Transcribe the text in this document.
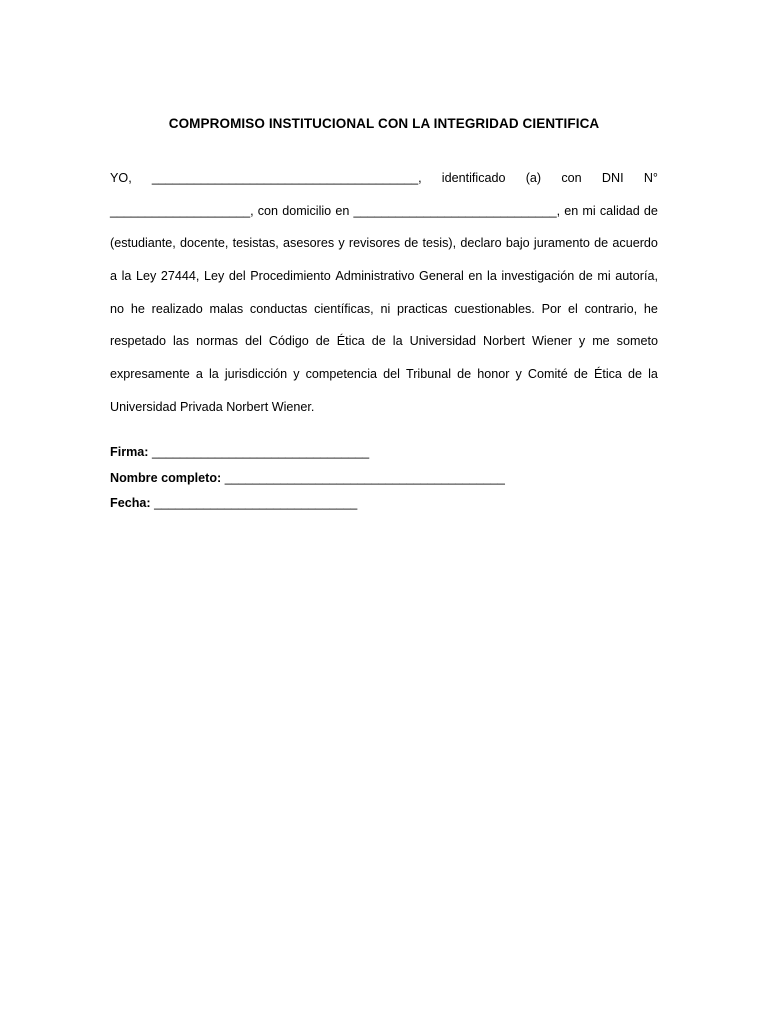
COMPROMISO INSTITUCIONAL CON LA INTEGRIDAD CIENTIFICA
YO, ______________________________________, identificado (a) con DNI N°
____________________, con domicilio en _____________________________, en mi calidad de
(estudiante, docente, tesistas, asesores y revisores de tesis), declaro bajo juramento de acuerdo
a la Ley 27444, Ley del Procedimiento Administrativo General en la investigación de mi autoría,
no he realizado malas conductas científicas, ni practicas cuestionables. Por el contrario, he
respetado las normas del Código de Ética de la Universidad Norbert Wiener y me someto
expresamente a la jurisdicción y competencia del Tribunal de honor y Comité de Ética de la
Universidad Privada Norbert Wiener.
Firma: _______________________________
Nombre completo: ________________________________________
Fecha: _____________________________
